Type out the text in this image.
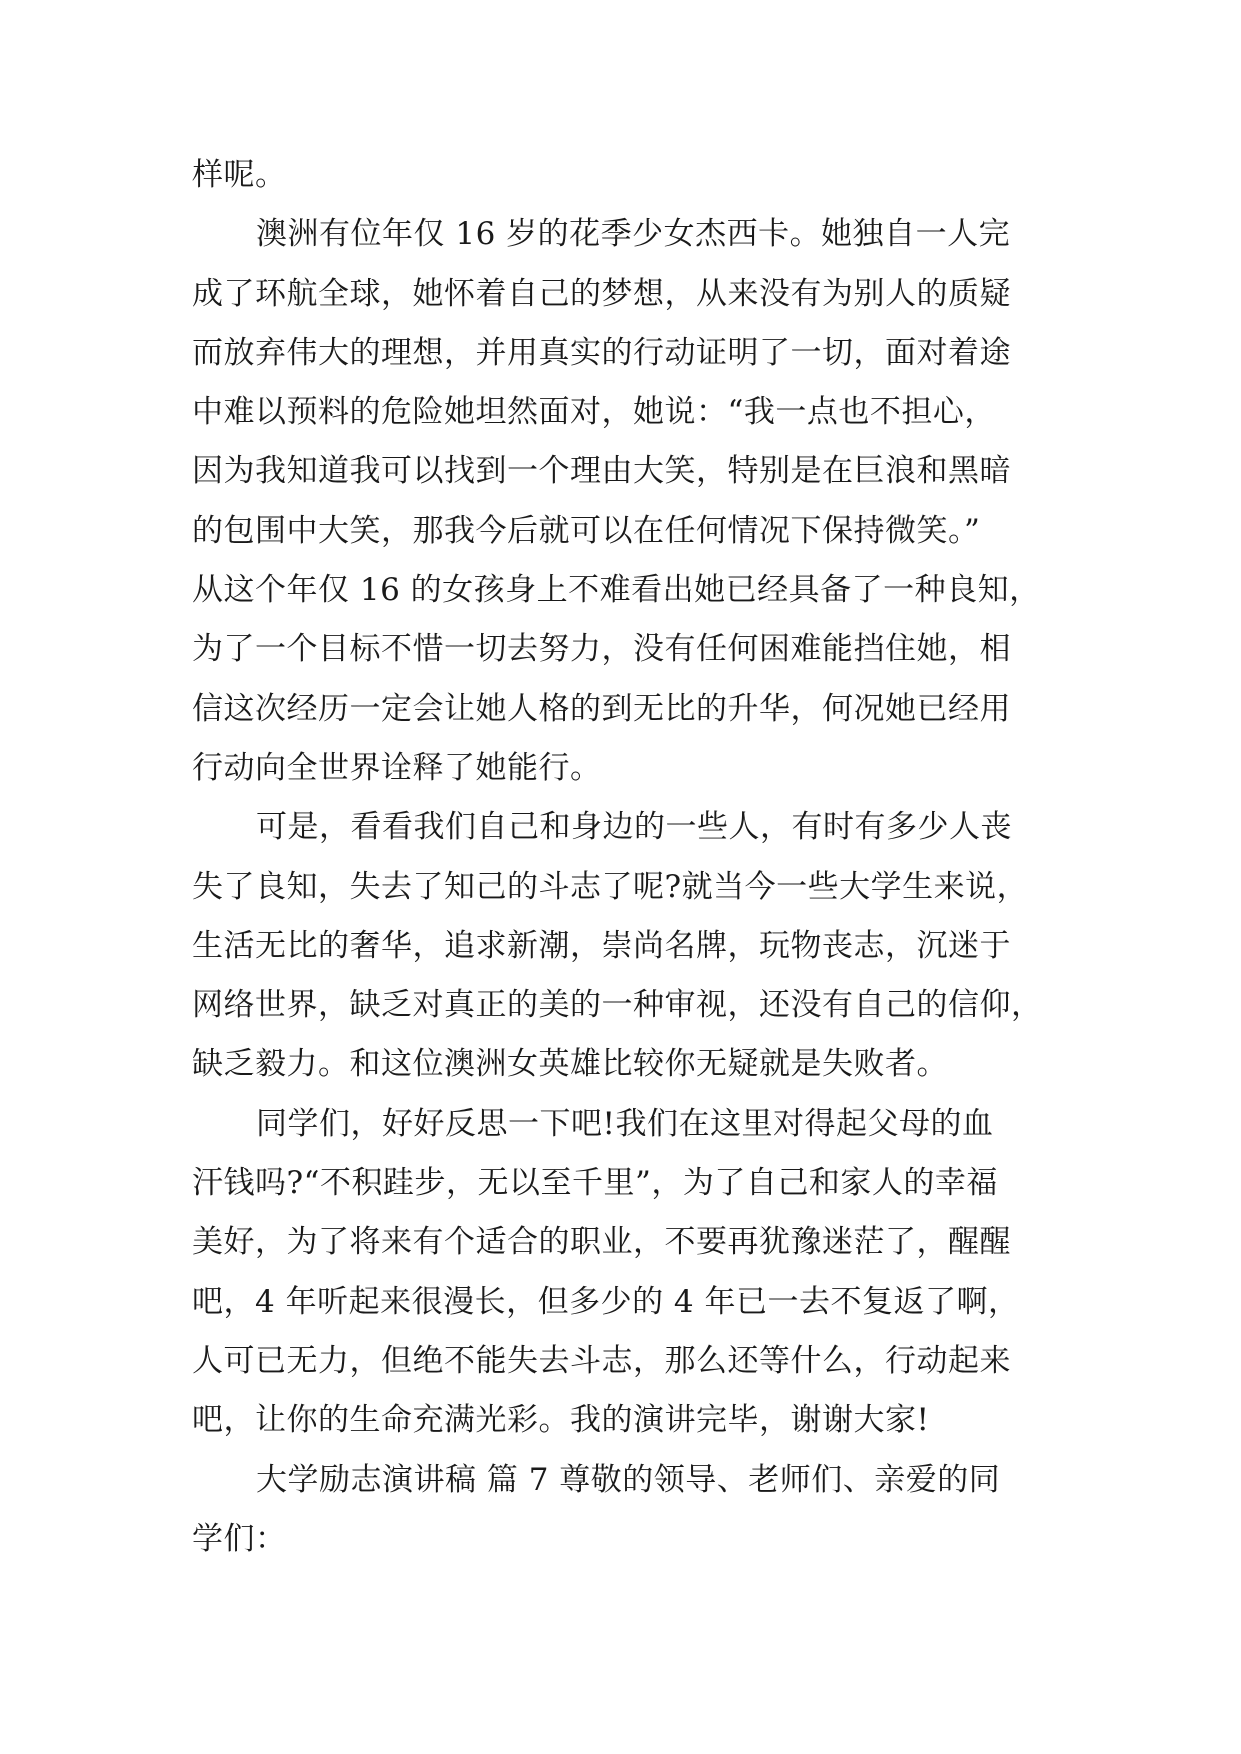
样呢。
澳洲有位年仅 16 岁的花季少女杰西卡。她独自一人完
成了环航全球，她怀着自己的梦想，从来没有为别人的质疑
而放弃伟大的理想，并用真实的行动证明了一切，面对着途
中难以预料的危险她坦然面对，她说：“我一点也不担心，
因为我知道我可以找到一个理由大笑，特别是在巨浪和黑暗
的包围中大笑，那我今后就可以在任何情况下保持微笑。”
从这个年仅 16 的女孩身上不难看出她已经具备了一种良知，
为了一个目标不惜一切去努力，没有任何困难能挡住她，相
信这次经历一定会让她人格的到无比的升华，何况她已经用
行动向全世界诠释了她能行。
可是，看看我们自己和身边的一些人，有时有多少人丧
失了良知，失去了知己的斗志了呢?就当今一些大学生来说，
生活无比的奢华，追求新潮，崇尚名牌，玩物丧志，沉迷于
网络世界，缺乏对真正的美的一种审视，还没有自己的信仰，
缺乏毅力。和这位澳洲女英雄比较你无疑就是失败者。
同学们，好好反思一下吧!我们在这里对得起父母的血
汗钱吗?“不积跬步，无以至千里”，为了自己和家人的幸福
美好，为了将来有个适合的职业，不要再犹豫迷茫了，醒醒
吧，4 年听起来很漫长，但多少的 4 年已一去不复返了啊，
人可已无力，但绝不能失去斗志，那么还等什么，行动起来
吧，让你的生命充满光彩。我的演讲完毕，谢谢大家!
大学励志演讲稿 篇 7 尊敬的领导、老师们、亲爱的同
学们：
